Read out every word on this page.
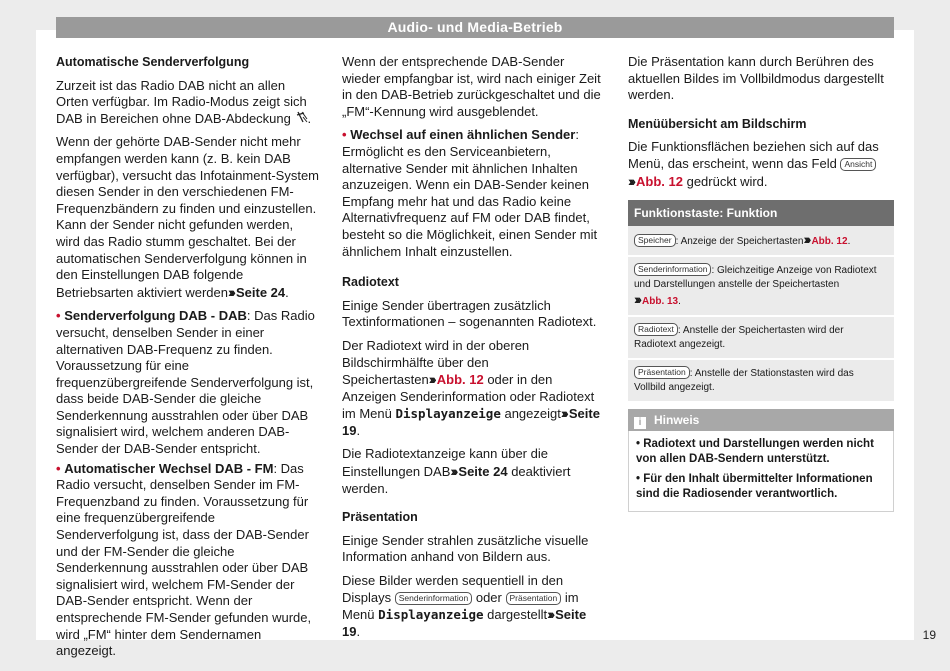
Audio- und Media-Betrieb
Automatische Senderverfolgung

Zurzeit ist das Radio DAB nicht an allen Orten verfügbar. Im Radio-Modus zeigt sich DAB in Bereichen ohne DAB-Abdeckung .

Wenn der gehörte DAB-Sender nicht mehr empfangen werden kann (z. B. kein DAB verfügbar), versucht das Infotainment-System diesen Sender in den verschiedenen FM-Frequenzbändern zu finden und einzustellen. Kann der Sender nicht gefunden werden, wird das Radio stumm geschaltet. Bei der automatischen Senderverfolgung können in den Einstellungen DAB folgende Betriebsarten aktiviert werden››› Seite 24.

• Senderverfolgung DAB - DAB: Das Radio versucht, denselben Sender in einer alternativen DAB-Frequenz zu finden. Voraussetzung für eine frequenzübergreifende Senderverfolgung ist, dass beide DAB-Sender die gleiche Senderkennung ausstrahlen oder über DAB signalisiert wird, welchem anderen DAB-Sender der DAB-Sender entspricht.

• Automatischer Wechsel DAB - FM: Das Radio versucht, denselben Sender im FM-Frequenzband zu finden. Voraussetzung für eine frequenzübergreifende Senderverfolgung ist, dass der DAB-Sender und der FM-Sender die gleiche Senderkennung ausstrahlen oder über DAB signalisiert wird, welchem FM-Sender der DAB-Sender entspricht. Wenn der entsprechende FM-Sender gefunden wurde, wird „FM“ hinter dem Sendernamen angezeigt.

Wenn der entsprechende DAB-Sender wieder empfangbar ist, wird nach einiger Zeit in den DAB-Betrieb zurückgeschaltet und die „FM“-Kennung wird ausgeblendet.

• Wechsel auf einen ähnlichen Sender: Ermöglicht es den Serviceanbietern, alternative Sender mit ähnlichen Inhalten anzuzeigen. Wenn ein DAB-Sender keinen Empfang mehr hat und das Radio keine Alternativfrequenz auf FM oder DAB findet, besteht so die Möglichkeit, einen Sender mit ähnlichem Inhalt einzustellen.

Radiotext

Einige Sender übertragen zusätzlich Textinformationen – sogenannten Radiotext.

Der Radiotext wird in der oberen Bildschirmhälfte über den Speichertasten››› Abb. 12 oder in den Anzeigen Senderinformation oder Radiotext im Menü Displayanzeige angezeigt››› Seite 19.

Die Radiotextanzeige kann über die Einstellungen DAB››› Seite 24 deaktiviert werden.

Präsentation

Einige Sender strahlen zusätzliche visuelle Information anhand von Bildern aus.

Diese Bilder werden sequentiell in den Displays Senderinformation oder Präsentation im Menü Displayanzeige dargestellt››› Seite 19.

Die Präsentation kann durch Berühren des aktuellen Bildes im Vollbildmodus dargestellt werden.

Menüübersicht am Bildschirm

Die Funktionsflächen beziehen sich auf das Menü, das erscheint, wenn das Feld Ansicht
››› Abb. 12 gedrückt wird.

Funktionstaste: Funktion
Speicher : Anzeige der Speichertasten››› Abb. 12.
Senderinformation : Gleichzeitige Anzeige von Radiotext und Darstellungen anstelle der Speichertasten
››› Abb. 13.
Radiotext : Anstelle der Speichertasten wird der Radiotext angezeigt.
Präsentation : Anstelle der Stationstasten wird das Vollbild angezeigt.
i Hinweis
• Radiotext und Darstellungen werden nicht von allen DAB-Sendern unterstützt.
• Für den Inhalt übermittelter Informationen sind die Radiosender verantwortlich.
19
